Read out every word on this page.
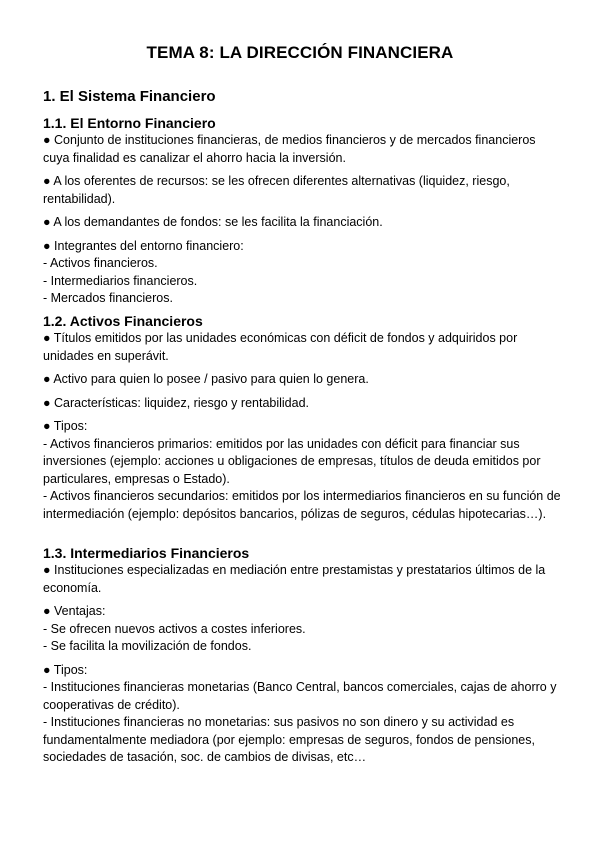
TEMA 8: LA DIRECCIÓN FINANCIERA
1. El Sistema Financiero
1.1. El Entorno Financiero
● Conjunto de instituciones financieras, de medios financieros y de mercados financieros cuya finalidad es canalizar el ahorro hacia la inversión.
● A los oferentes de recursos: se les ofrecen diferentes alternativas (liquidez, riesgo, rentabilidad).
● A los demandantes de fondos: se les facilita la financiación.
● Integrantes del entorno financiero:
- Activos financieros.
- Intermediarios financieros.
- Mercados financieros.
1.2. Activos Financieros
● Títulos emitidos por las unidades económicas con déficit de fondos y adquiridos por unidades en superávit.
● Activo para quien lo posee / pasivo para quien lo genera.
● Características: liquidez, riesgo y rentabilidad.
● Tipos:
- Activos financieros primarios: emitidos por las unidades con déficit para financiar sus inversiones (ejemplo: acciones u obligaciones de empresas, títulos de deuda emitidos por particulares, empresas o Estado).
- Activos financieros secundarios: emitidos por los intermediarios financieros en su función de intermediación (ejemplo: depósitos bancarios, pólizas de seguros, cédulas hipotecarias…).
1.3. Intermediarios Financieros
● Instituciones especializadas en mediación entre prestamistas y prestatarios últimos de la economía.
● Ventajas:
- Se ofrecen nuevos activos a costes inferiores.
- Se facilita la movilización de fondos.
● Tipos:
- Instituciones financieras monetarias (Banco Central, bancos comerciales, cajas de ahorro y cooperativas de crédito).
- Instituciones financieras no monetarias: sus pasivos no son dinero y su actividad es fundamentalmente mediadora (por ejemplo: empresas de seguros, fondos de pensiones, sociedades de tasación, soc. de cambios de divisas, etc…
